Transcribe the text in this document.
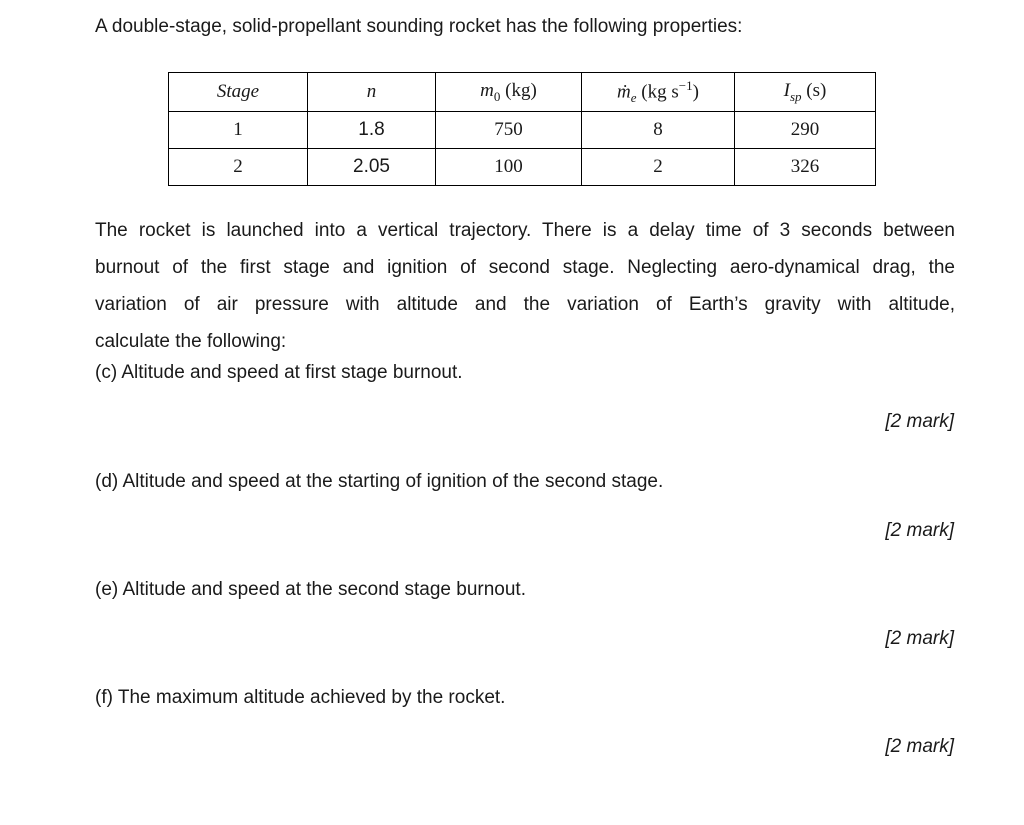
A double-stage, solid-propellant sounding rocket has the following properties:
Stage	n	$m_0$ (kg)	ṁ$_e$ (kg $s^{-1}$)	$I_{sp}$ (s)
1	1.8	750	8	290
2	2.05	100	2	326
The rocket is launched into a vertical trajectory. There is a delay time of 3 seconds between
burnout of the first stage and ignition of second stage. Neglecting aero-dynamical drag, the
variation of air pressure with altitude and the variation of Earth’s gravity with altitude,
calculate the following:
(c) Altitude and speed at first stage burnout.
[2 mark]
(d) Altitude and speed at the starting of ignition of the second stage.
[2 mark]
(e) Altitude and speed at the second stage burnout.
[2 mark]
(f) The maximum altitude achieved by the rocket.
[2 mark]
